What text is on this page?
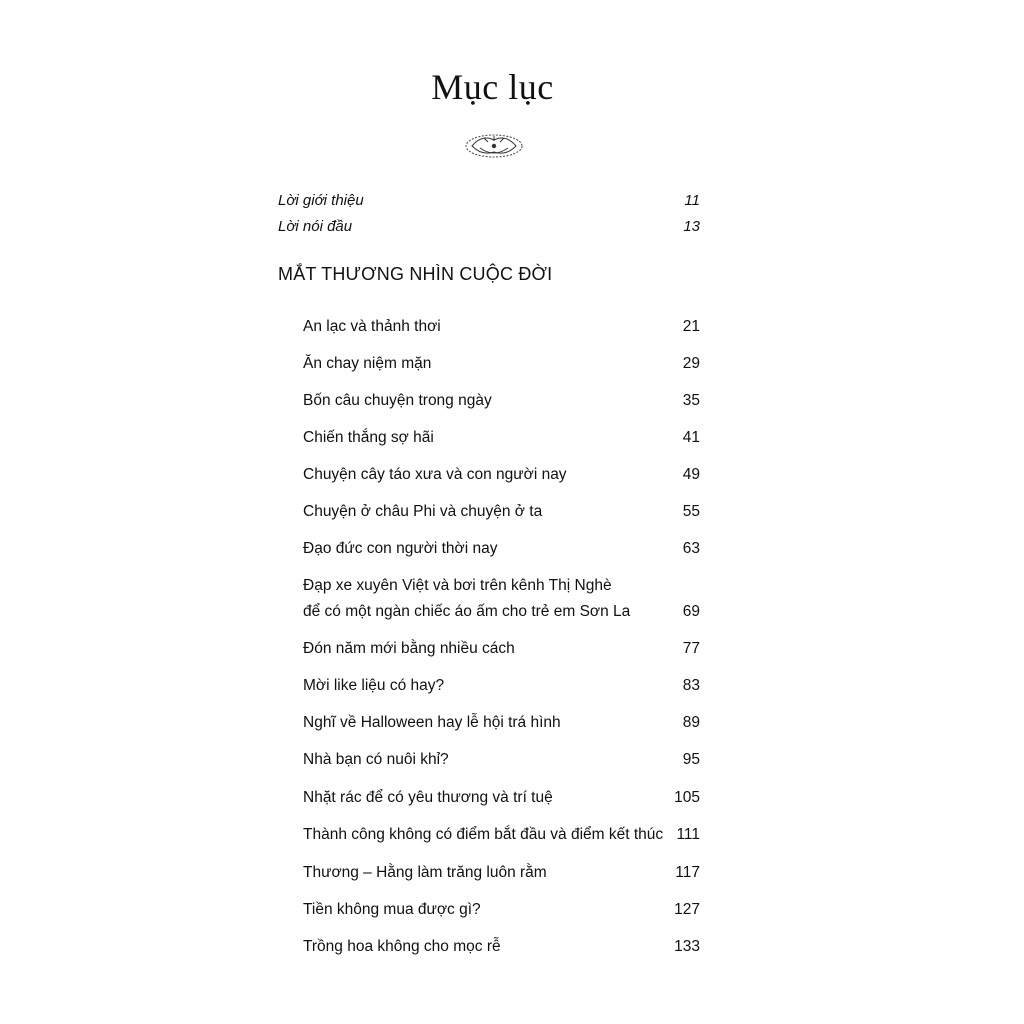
Mục lục
Lời giới thiệu	11
Lời nói đầu	13
MẮT THƯƠNG NHÌN CUỘC ĐỜI
An lạc và thảnh thơi	21
Ăn chay niệm mặn	29
Bốn câu chuyện trong ngày	35
Chiến thắng sợ hãi	41
Chuyện cây táo xưa và con người nay	49
Chuyện ở châu Phi và chuyện ở ta	55
Đạo đức con người thời nay	63
Đạp xe xuyên Việt và bơi trên kênh Thị Nghè
để có một ngàn chiếc áo ấm cho trẻ em Sơn La	69
Đón năm mới bằng nhiều cách	77
Mời like liệu có hay?	83
Nghĩ về Halloween hay lễ hội trá hình	89
Nhà bạn có nuôi khỉ?	95
Nhặt rác để có yêu thương và trí tuệ	105
Thành công không có điểm bắt đầu và điểm kết thúc 111
Thương – Hằng làm trăng luôn rằm	117
Tiền không mua được gì?	127
Trồng hoa không cho mọc rễ	133
